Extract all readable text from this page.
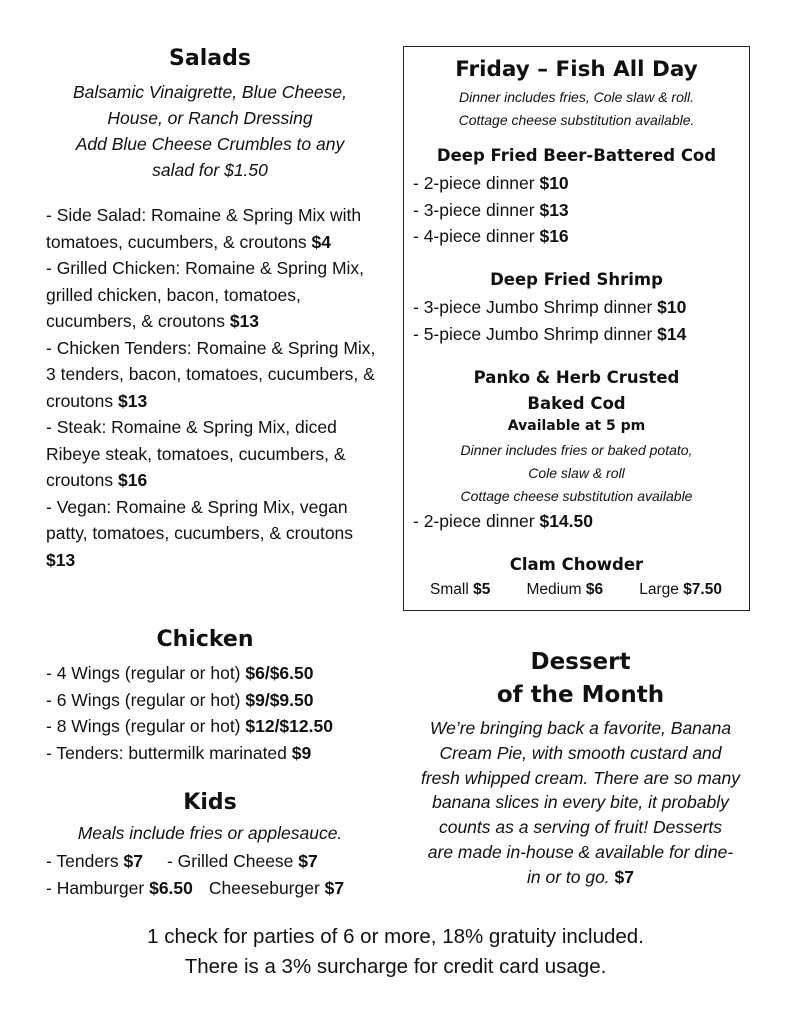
Salads
Balsamic Vinaigrette, Blue Cheese,
House, or Ranch Dressing
Add Blue Cheese Crumbles to any
salad for $1.50
- Side Salad: Romaine & Spring Mix with tomatoes, cucumbers, & croutons $4
- Grilled Chicken: Romaine & Spring Mix, grilled chicken, bacon, tomatoes, cucumbers, & croutons $13
- Chicken Tenders: Romaine & Spring Mix, 3 tenders, bacon, tomatoes, cucumbers, & croutons $13
- Steak: Romaine & Spring Mix, diced Ribeye steak, tomatoes, cucumbers, & croutons $16
- Vegan: Romaine & Spring Mix, vegan patty, tomatoes, cucumbers, & croutons $13
Friday – Fish All Day
Dinner includes fries, Cole slaw & roll.
Cottage cheese substitution available.
Deep Fried Beer-Battered Cod
- 2-piece dinner $10
- 3-piece dinner $13
- 4-piece dinner $16
Deep Fried Shrimp
- 3-piece Jumbo Shrimp dinner $10
- 5-piece Jumbo Shrimp dinner $14
Panko & Herb Crusted
Baked Cod
Available at 5 pm
Dinner includes fries or baked potato,
Cole slaw & roll
Cottage cheese substitution available
- 2-piece dinner $14.50
Clam Chowder
Small $5 Medium $6 Large $7.50
Chicken
- 4 Wings (regular or hot) $6/$6.50
- 6 Wings (regular or hot) $9/$9.50
- 8 Wings (regular or hot) $12/$12.50
- Tenders: buttermilk marinated $9
Kids
Meals include fries or applesauce.
- Tenders $7 - Grilled Cheese $7
- Hamburger $6.50 Cheeseburger $7
Dessert
of the Month
We’re bringing back a favorite, Banana
Cream Pie, with smooth custard and
fresh whipped cream. There are so many
banana slices in every bite, it probably
counts as a serving of fruit! Desserts
are made in-house & available for dine-
in or to go. $7
1 check for parties of 6 or more, 18% gratuity included.
There is a 3% surcharge for credit card usage.
